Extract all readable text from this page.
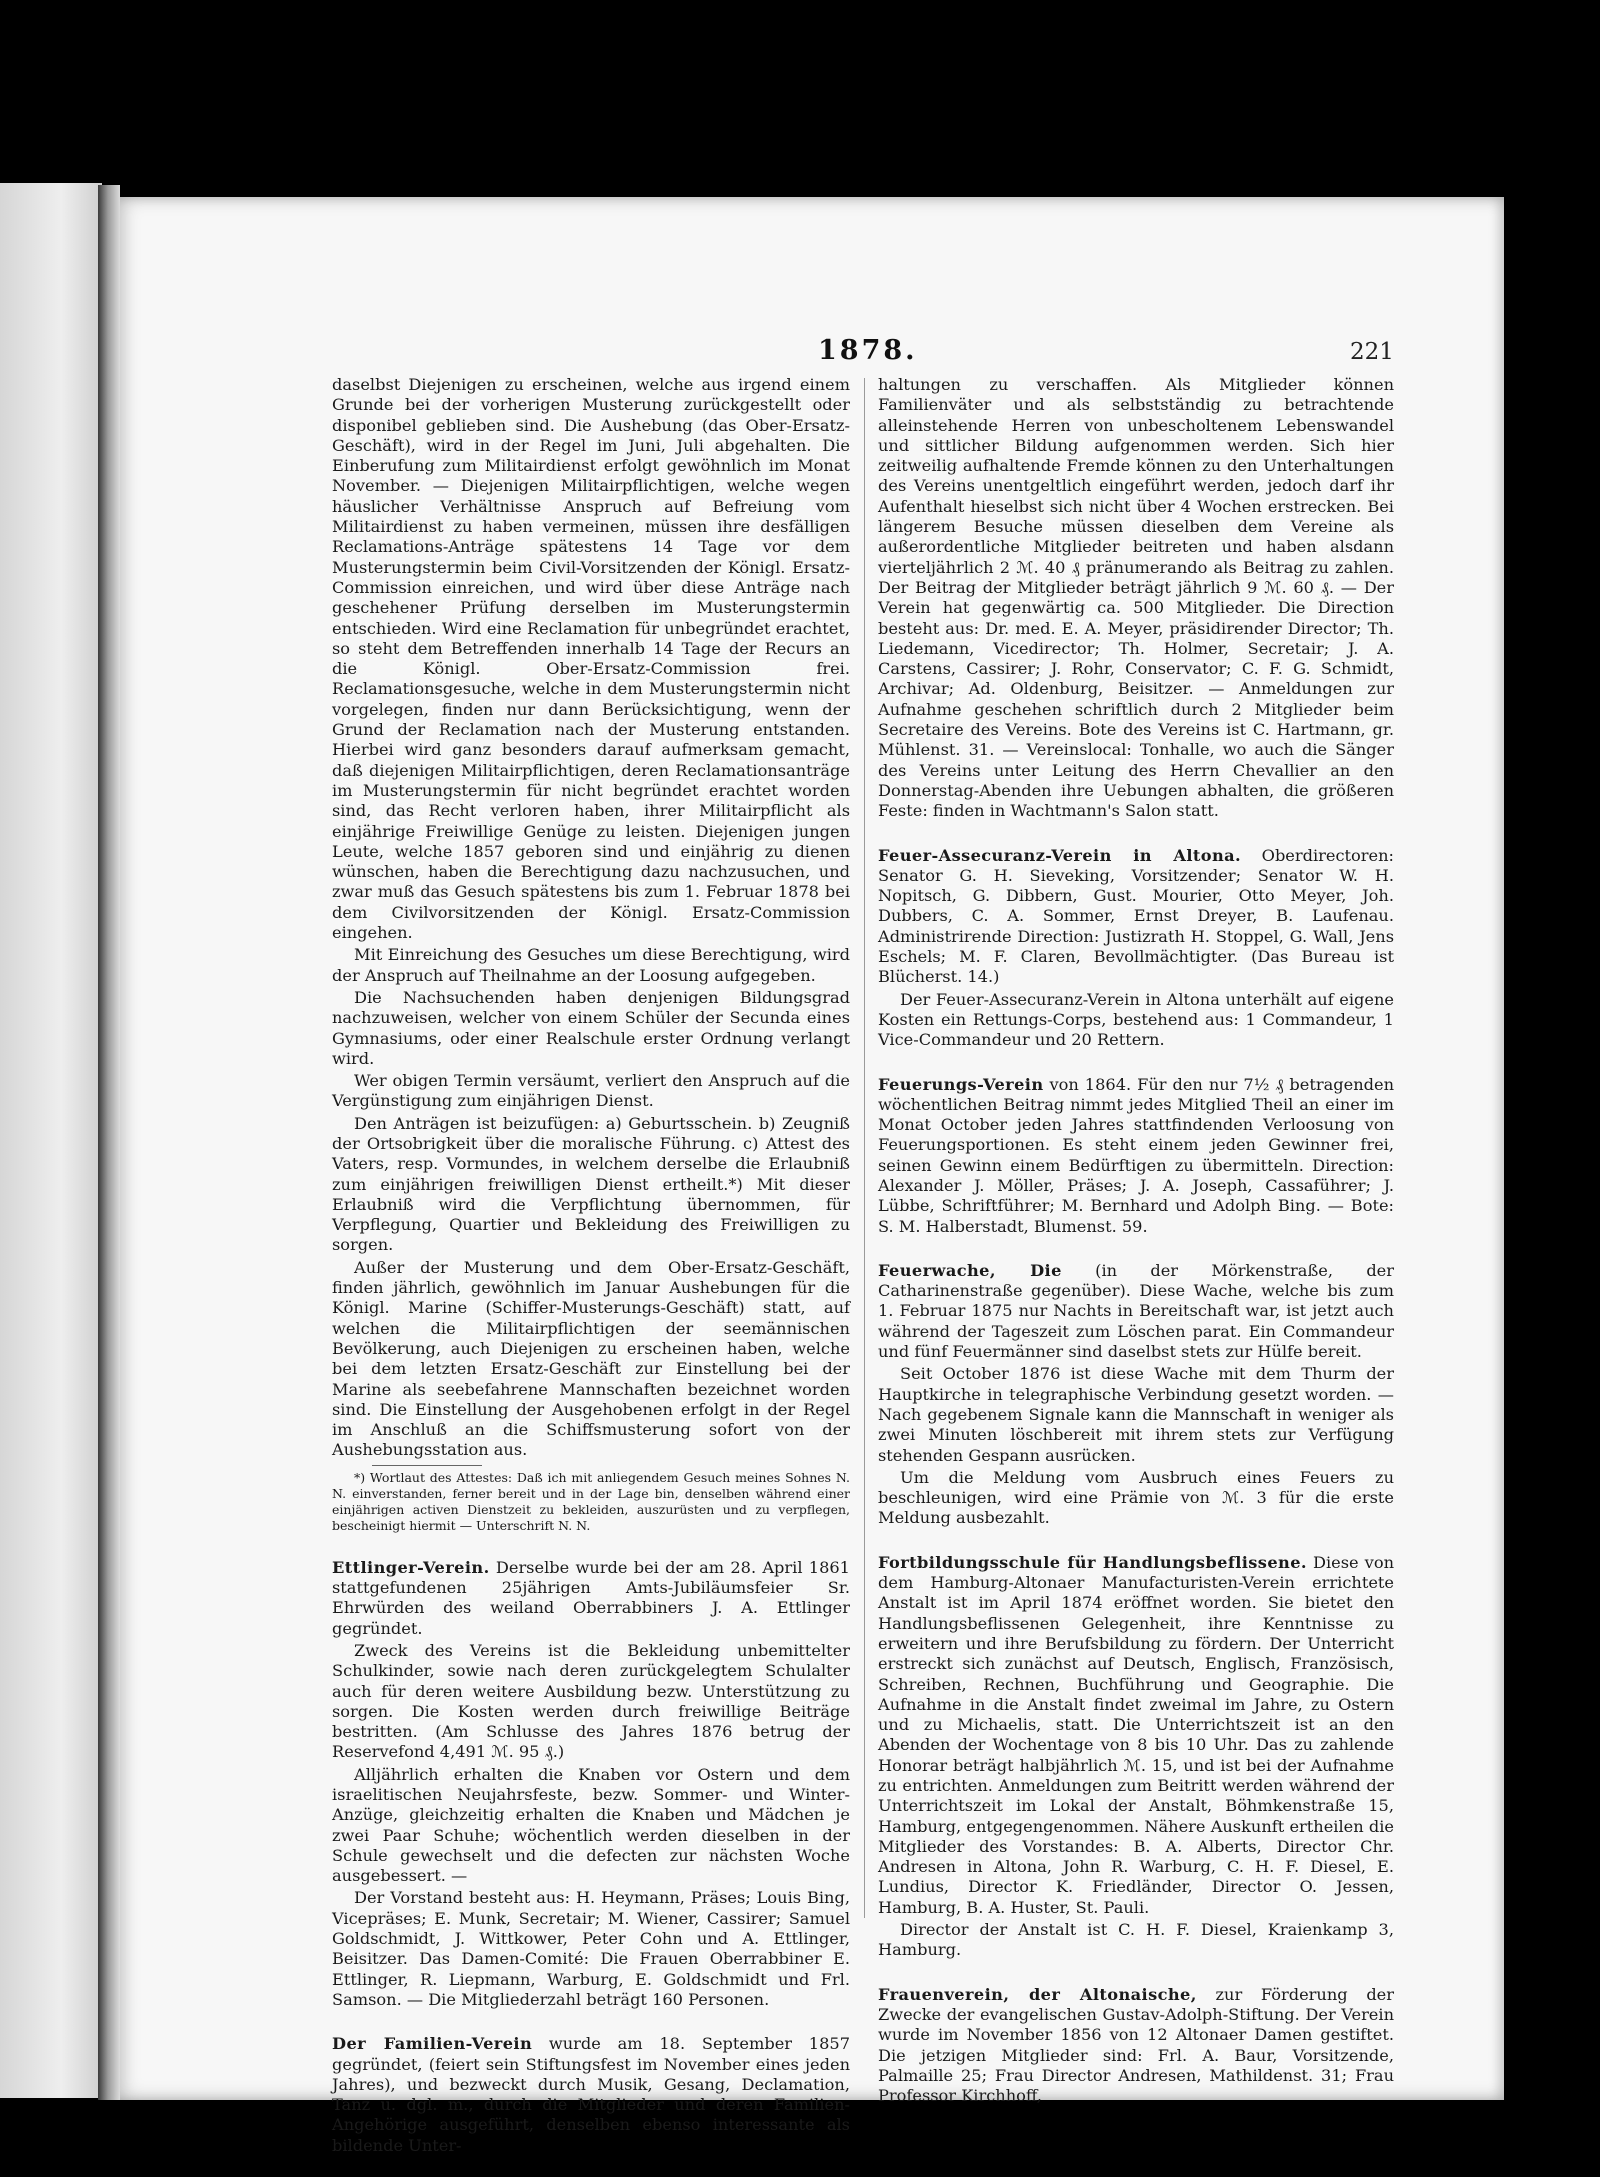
1878.	221

daselbst Diejenigen zu erscheinen, welche aus irgend einem Grunde bei der vorherigen Musterung zurückgestellt oder disponibel geblieben sind. Die Aushebung (das Ober-Ersatz-Geschäft), wird in der Regel im Juni, Juli abgehalten. Die Einberufung zum Militairdienst erfolgt gewöhnlich im Monat November. — Diejenigen Militairpflichtigen, welche wegen häuslicher Verhältnisse Anspruch auf Befreiung vom Militairdienst zu haben vermeinen, müssen ihre desfälligen Reclamations-Anträge spätestens 14 Tage vor dem Musterungstermin beim Civil-Vorsitzenden der Königl. Ersatz-Commission einreichen, und wird über diese Anträge nach geschehener Prüfung derselben im Musterungstermin entschieden. Wird eine Reclamation für unbegründet erachtet, so steht dem Betreffenden innerhalb 14 Tage der Recurs an die Königl. Ober-Ersatz-Commission frei. Reclamationsgesuche, welche in dem Musterungstermin nicht vorgelegen, finden nur dann Berücksichtigung, wenn der Grund der Reclamation nach der Musterung entstanden. Hierbei wird ganz besonders darauf aufmerksam gemacht, daß diejenigen Militairpflichtigen, deren Reclamationsanträge im Musterungstermin für nicht begründet erachtet worden sind, das Recht verloren haben, ihrer Militairpflicht als einjährige Freiwillige Genüge zu leisten. Diejenigen jungen Leute, welche 1857 geboren sind und einjährig zu dienen wünschen, haben die Berechtigung dazu nachzusuchen, und zwar muß das Gesuch spätestens bis zum 1. Februar 1878 bei dem Civilvorsitzenden der Königl. Ersatz-Commission eingehen.

Mit Einreichung des Gesuches um diese Berechtigung, wird der Anspruch auf Theilnahme an der Loosung aufgegeben.

Die Nachsuchenden haben denjenigen Bildungsgrad nachzuweisen, welcher von einem Schüler der Secunda eines Gymnasiums, oder einer Realschule erster Ordnung verlangt wird.

Wer obigen Termin versäumt, verliert den Anspruch auf die Vergünstigung zum einjährigen Dienst.

Den Anträgen ist beizufügen: a) Geburtsschein. b) Zeugniß der Ortsobrigkeit über die moralische Führung. c) Attest des Vaters, resp. Vormundes, in welchem derselbe die Erlaubniß zum einjährigen freiwilligen Dienst ertheilt.*) Mit dieser Erlaubniß wird die Verpflichtung übernommen, für Verpflegung, Quartier und Bekleidung des Freiwilligen zu sorgen.

Außer der Musterung und dem Ober-Ersatz-Geschäft, finden jährlich, gewöhnlich im Januar Aushebungen für die Königl. Marine (Schiffer-Musterungs-Geschäft) statt, auf welchen die Militairpflichtigen der seemännischen Bevölkerung, auch Diejenigen zu erscheinen haben, welche bei dem letzten Ersatz-Geschäft zur Einstellung bei der Marine als seebefahrene Mannschaften bezeichnet worden sind. Die Einstellung der Ausgehobenen erfolgt in der Regel im Anschluß an die Schiffsmusterung sofort von der Aushebungsstation aus.

*) Wortlaut des Attestes: Daß ich mit anliegendem Gesuch meines Sohnes N. N. einverstanden, ferner bereit und in der Lage bin, denselben während einer einjährigen activen Dienstzeit zu bekleiden, auszurüsten und zu verpflegen, bescheinigt hiermit — Unterschrift N. N.

Ettlinger-Verein. Derselbe wurde bei der am 28. April 1861 stattgefundenen 25jährigen Amts-Jubiläumsfeier Sr. Ehrwürden des weiland Oberrabbiners J. A. Ettlinger gegründet.

Zweck des Vereins ist die Bekleidung unbemittelter Schulkinder, sowie nach deren zurückgelegtem Schulalter auch für deren weitere Ausbildung bezw. Unterstützung zu sorgen. Die Kosten werden durch freiwillige Beiträge bestritten. (Am Schlusse des Jahres 1876 betrug der Reservefond 4,491 ℳ. 95 ₰.)

Alljährlich erhalten die Knaben vor Ostern und dem israelitischen Neujahrsfeste, bezw. Sommer- und Winter-Anzüge, gleichzeitig erhalten die Knaben und Mädchen je zwei Paar Schuhe; wöchentlich werden dieselben in der Schule gewechselt und die defecten zur nächsten Woche ausgebessert. —

Der Vorstand besteht aus: H. Heymann, Präses; Louis Bing, Vicepräses; E. Munk, Secretair; M. Wiener, Cassirer; Samuel Goldschmidt, J. Wittkower, Peter Cohn und A. Ettlinger, Beisitzer. Das Damen-Comité: Die Frauen Oberrabbiner E. Ettlinger, R. Liepmann, Warburg, E. Goldschmidt und Frl. Samson. — Die Mitgliederzahl beträgt 160 Personen.

Der Familien-Verein wurde am 18. September 1857 gegründet, (feiert sein Stiftungsfest im November eines jeden Jahres), und bezweckt durch Musik, Gesang, Declamation, Tanz u. dgl. m., durch die Mitglieder und deren Familien-Angehörige ausgeführt, denselben ebenso interessante als bildende Unter-

haltungen zu verschaffen. Als Mitglieder können Familienväter und als selbstständig zu betrachtende alleinstehende Herren von unbescholtenem Lebenswandel und sittlicher Bildung aufgenommen werden. Sich hier zeitweilig aufhaltende Fremde können zu den Unterhaltungen des Vereins unentgeltlich eingeführt werden, jedoch darf ihr Aufenthalt hieselbst sich nicht über 4 Wochen erstrecken. Bei längerem Besuche müssen dieselben dem Vereine als außerordentliche Mitglieder beitreten und haben alsdann vierteljährlich 2 ℳ. 40 ₰ pränumerando als Beitrag zu zahlen. Der Beitrag der Mitglieder beträgt jährlich 9 ℳ. 60 ₰. — Der Verein hat gegenwärtig ca. 500 Mitglieder. Die Direction besteht aus: Dr. med. E. A. Meyer, präsidirender Director; Th. Liedemann, Vicedirector; Th. Holmer, Secretair; J. A. Carstens, Cassirer; J. Rohr, Conservator; C. F. G. Schmidt, Archivar; Ad. Oldenburg, Beisitzer. — Anmeldungen zur Aufnahme geschehen schriftlich durch 2 Mitglieder beim Secretaire des Vereins. Bote des Vereins ist C. Hartmann, gr. Mühlenst. 31. — Vereinslocal: Tonhalle, wo auch die Sänger des Vereins unter Leitung des Herrn Chevallier an den Donnerstag-Abenden ihre Uebungen abhalten, die größeren Feste: finden in Wachtmann's Salon statt.

Feuer-Assecuranz-Verein in Altona. Oberdirectoren: Senator G. H. Sieveking, Vorsitzender; Senator W. H. Nopitsch, G. Dibbern, Gust. Mourier, Otto Meyer, Joh. Dubbers, C. A. Sommer, Ernst Dreyer, B. Laufenau. Administrirende Direction: Justizrath H. Stoppel, G. Wall, Jens Eschels; M. F. Claren, Bevollmächtigter. (Das Bureau ist Blücherst. 14.)

Der Feuer-Assecuranz-Verein in Altona unterhält auf eigene Kosten ein Rettungs-Corps, bestehend aus: 1 Commandeur, 1 Vice-Commandeur und 20 Rettern.

Feuerungs-Verein von 1864. Für den nur 7½ ₰ betragenden wöchentlichen Beitrag nimmt jedes Mitglied Theil an einer im Monat October jeden Jahres stattfindenden Verloosung von Feuerungsportionen. Es steht einem jeden Gewinner frei, seinen Gewinn einem Bedürftigen zu übermitteln. Direction: Alexander J. Möller, Präses; J. A. Joseph, Cassaführer; J. Lübbe, Schriftführer; M. Bernhard und Adolph Bing. — Bote: S. M. Halberstadt, Blumenst. 59.

Feuerwache, Die (in der Mörkenstraße, der Catharinenstraße gegenüber). Diese Wache, welche bis zum 1. Februar 1875 nur Nachts in Bereitschaft war, ist jetzt auch während der Tageszeit zum Löschen parat. Ein Commandeur und fünf Feuermänner sind daselbst stets zur Hülfe bereit.

Seit October 1876 ist diese Wache mit dem Thurm der Hauptkirche in telegraphische Verbindung gesetzt worden. — Nach gegebenem Signale kann die Mannschaft in weniger als zwei Minuten löschbereit mit ihrem stets zur Verfügung stehenden Gespann ausrücken.

Um die Meldung vom Ausbruch eines Feuers zu beschleunigen, wird eine Prämie von ℳ. 3 für die erste Meldung ausbezahlt.

Fortbildungsschule für Handlungsbeflissene. Diese von dem Hamburg-Altonaer Manufacturisten-Verein errichtete Anstalt ist im April 1874 eröffnet worden. Sie bietet den Handlungsbeflissenen Gelegenheit, ihre Kenntnisse zu erweitern und ihre Berufsbildung zu fördern. Der Unterricht erstreckt sich zunächst auf Deutsch, Englisch, Französisch, Schreiben, Rechnen, Buchführung und Geographie. Die Aufnahme in die Anstalt findet zweimal im Jahre, zu Ostern und zu Michaelis, statt. Die Unterrichtszeit ist an den Abenden der Wochentage von 8 bis 10 Uhr. Das zu zahlende Honorar beträgt halbjährlich ℳ. 15, und ist bei der Aufnahme zu entrichten. Anmeldungen zum Beitritt werden während der Unterrichtszeit im Lokal der Anstalt, Böhmkenstraße 15, Hamburg, entgegengenommen. Nähere Auskunft ertheilen die Mitglieder des Vorstandes: B. A. Alberts, Director Chr. Andresen in Altona, John R. Warburg, C. H. F. Diesel, E. Lundius, Director K. Friedländer, Director O. Jessen, Hamburg, B. A. Huster, St. Pauli.

Director der Anstalt ist C. H. F. Diesel, Kraienkamp 3, Hamburg.

Frauenverein, der Altonaische, zur Förderung der Zwecke der evangelischen Gustav-Adolph-Stiftung. Der Verein wurde im November 1856 von 12 Altonaer Damen gestiftet. Die jetzigen Mitglieder sind: Frl. A. Baur, Vorsitzende, Palmaille 25; Frau Director Andresen, Mathildenst. 31; Frau Professor Kirchhoff,
